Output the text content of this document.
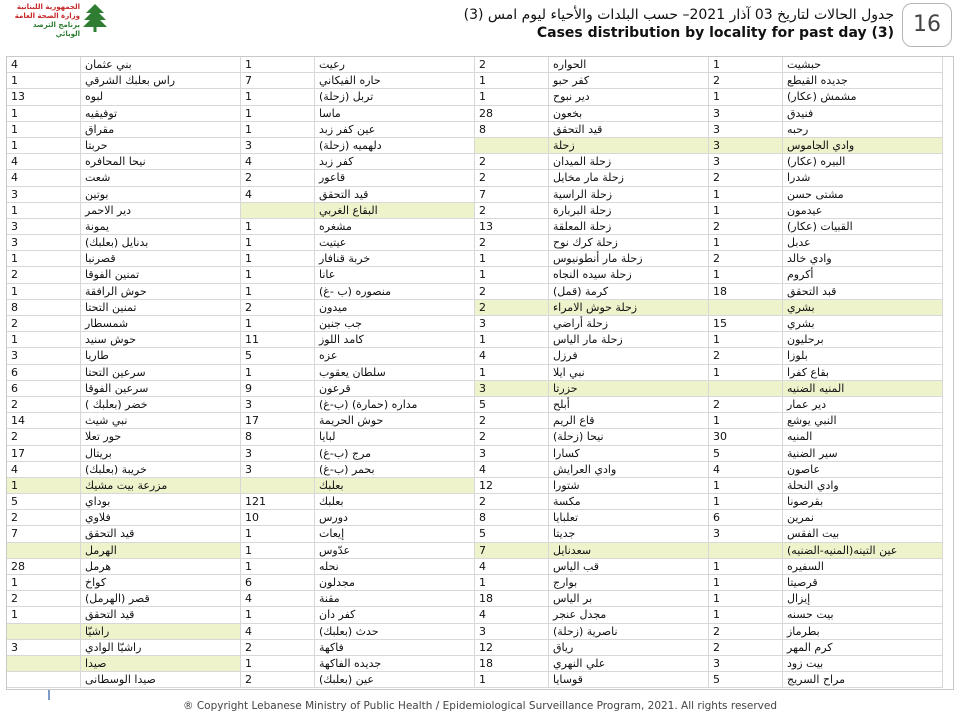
الجمهورية اللبنانية
وزارة الصحة العامة
برنامج الترصد الوبائي
جدول الحالات لتاريخ 03 آذار 2021– حسب البلدات والأحياء ليوم امس (3)
Cases distribution by locality for past day (3) 16
حبشيت
جديده القيطع
مشمش (عكار)
فنيدق
رحبه
وادي الجاموس
البيره (عكار)
شدرا
مشتى حسن
عيدمون
القبيات (عكار)
عدبل
وادي خالد
أكروم
قبد التحقق
بشري
بشري
برحليون
بلوزا
بقاع كفرا
المنيه الضنيه
دير عمار
النبي يوشع
المنيه
سير الضنية
عاصون
وادي النحلة
بقرصونا
نمرين
بيت الفقس
عين التينه(المنيه-الضنيه)
السفيره
قرصيتا
إيزال
بيت حسنه
بطرماز
كرم المهر
بيت زود
مراح السريج
1
2
1
3
3
3
3
2
1
1
2
1
2
1
18
15
1
2
1
2
1
30
5
4
1
1
6
3
1
1
1
1
2
2
3
5
الحواره
كفر حبو
دير نبوح
بخعون
قيد التحقق
زحلة
زحلة الميدان
زحلة مار مخايل
زحلة الراسية
زحلة البربارة
زحلة المعلقة
زحلة كرك نوح
زحلة مار أنطونيوس
زحلة سيده النجاه
كرمة (قمل)
زحلة حوش الامراء
زحلة أراضي
زحلة مار الياس
فرزل
نبي ايلا
حزرتا
أبلح
قاع الريم
نيحا (زحلة)
كسارا
وادي العرايش
شتورا
مكسة
تعلبايا
جديتا
سعدنايل
قب الياس
بوارج
بر الياس
مجدل عنجر
ناصرية (زحلة)
رياق
علي النهري
قوسايا
2
1
1
28
8
2
2
7
2
13
2
1
1
2
2
3
1
4
1
3
5
2
2
3
4
12
2
8
5
7
4
1
18
4
3
12
18
1
رعيت
حاره الفيكاني
تربل (زحلة)
ماسا
عين كفر زبد
دلهميه (زحلة)
كفر زبد
قاعور
قيد التحقق
البقاع الغربي
مشغره
عيتيت
خربة قنافار
عانا
منصوره (ب -غ)
ميدون
جب جنين
كامد اللوز
عزه
سلطان يعقوب
قرعون
مداره (حمارة) (ب-غ)
حوش الحريمة
لبايا
مرج (ب-غ)
بحمر (ب-غ)
بعلبك
بعلبك
دورس
إيعات
عدّوس
نحله
مجدلون
مقنة
كفر دان
حدث (بعلبك)
فاكهة
جديده الفاكهة
عين (بعلبك)
1
7
1
1
1
3
4
2
4
1
1
1
1
1
2
1
11
5
1
9
3
17
8
3
3
121
10
1
1
1
6
4
1
4
2
1
2
بني عثمان
راس بعلبك الشرقي
لبوه
توفيقيه
مقراق
حربتا
نيحا المحافره
شعت
بوتين
دير الاحمر
يمونة
بدنايل (بعلبك)
قصرنبا
تمنين الفوقا
حوش الرافقة
تمنين التحتا
شمسطار
حوش سنيد
طاريا
سرعين التحتا
سرعين الفوقا
خضر (بعلبك )
نبي شيث
حور تعلا
بريتال
خريبة (بعلبك)
مزرعة بيت مشيك
بوداي
فلاوي
قيد التحقق
الهرمل
هرمل
كواخ
قصر (الهرمل)
قيد التحقق
راشيّا
راشيّا الوادي
صيدا
صيدا الوسطانى
4
1
13
1
1
1
4
4
3
1
3
3
1
2
1
8
2
1
3
6
6
2
14
2
17
4
1
5
2
7
28
1
2
1
3
® Copyright Lebanese Ministry of Public Health / Epidemiological Surveillance Program, 2021. All rights reserved
